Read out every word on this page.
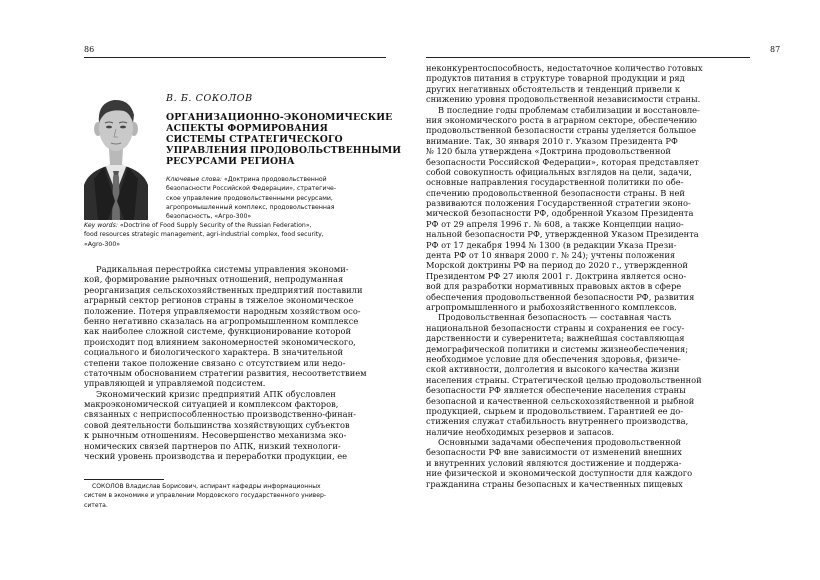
86	87
В. Б. СОКОЛОВ
ОРГАНИЗАЦИОННО-ЭКОНОМИЧЕСКИЕ
АСПЕКТЫ ФОРМИРОВАНИЯ
СИСТЕМЫ СТРАТЕГИЧЕСКОГО
УПРАВЛЕНИЯ ПРОДОВОЛЬСТВЕННЫМИ
РЕСУРСАМИ РЕГИОНА
Ключевые слова: «Доктрина продовольственной
безопасности Российской Федерации», стратегиче-
ское управление продовольственными ресурсами,
агропромышленный комплекс, продовольственная
безопасность, «Агро-300»
Key words: «Doctrine of Food Supply Security of the Russian Federation»,
food resources strategic management, agri-industrial complex, food security,
«Agro-300»
Радикальная перестройка системы управления экономи-
кой, формирование рыночных отношений, непродуманная
реорганизация сельскохозяйственных предприятий поставили
аграрный сектор регионов страны в тяжелое экономическое
положение. Потеря управляемости народным хозяйством осо-
бенно негативно сказалась на агропромышленном комплексе
как наиболее сложной системе, функционирование которой
происходит под влиянием закономерностей экономического,
социального и биологического характера. В значительной
степени такое положение связано с отсутствием или недо-
статочным обоснованием стратегии развития, несоответствием
управляющей и управляемой подсистем.
Экономический кризис предприятий АПК обусловлен
макроэкономической ситуацией и комплексом факторов,
связанных с неприспособленностью производственно-финан-
совой деятельности большинства хозяйствующих субъектов
к рыночным отношениям. Несовершенство механизма эко-
номических связей партнеров по АПК, низкий технологи-
ческий уровень производства и переработки продукции, ее
СОКОЛОВ Владислав Борисович, аспирант кафедры информационных
систем в экономике и управлении Мордовского государственного универ-
ситета.
неконкурентоспособность, недостаточное количество готовых
продуктов питания в структуре товарной продукции и ряд
других негативных обстоятельств и тенденций привели к
снижению уровня продовольственной независимости страны.
В последние годы проблемам стабилизации и восстановле-
ния экономического роста в аграрном секторе, обеспечению
продовольственной безопасности страны уделяется большое
внимание. Так, 30 января 2010 г. Указом Президента РФ
№ 120 была утверждена «Доктрина продовольственной
безопасности Российской Федерации», которая представляет
собой совокупность официальных взглядов на цели, задачи,
основные направления государственной политики по обе-
спечению продовольственной безопасности страны. В ней
развиваются положения Государственной стратегии эконо-
мической безопасности РФ, одобренной Указом Президента
РФ от 29 апреля 1996 г. № 608, а также Концепции нацио-
нальной безопасности РФ, утвержденной Указом Президента
РФ от 17 декабря 1994 № 1300 (в редакции Указа Прези-
дента РФ от 10 января 2000 г. № 24); учтены положения
Морской доктрины РФ на период до 2020 г., утвержденной
Президентом РФ 27 июля 2001 г. Доктрина является осно-
вой для разработки нормативных правовых актов в сфере
обеспечения продовольственной безопасности РФ, развития
агропромышленного и рыбохозяйственного комплексов.
Продовольственная безопасность — составная часть
национальной безопасности страны и сохранения ее госу-
дарственности и суверенитета; важнейшая составляющая
демографической политики и системы жизнеобеспечения;
необходимое условие для обеспечения здоровья, физиче-
ской активности, долголетия и высокого качества жизни
населения страны. Стратегической целью продовольственной
безопасности РФ является обеспечение населения страны
безопасной и качественной сельскохозяйственной и рыбной
продукцией, сырьем и продовольствием. Гарантией ее до-
стижения служат стабильность внутреннего производства,
наличие необходимых резервов и запасов.
Основными задачами обеспечения продовольственной
безопасности РФ вне зависимости от изменений внешних
и внутренних условий являются достижение и поддержа-
ние физической и экономической доступности для каждого
гражданина страны безопасных и качественных пищевых
